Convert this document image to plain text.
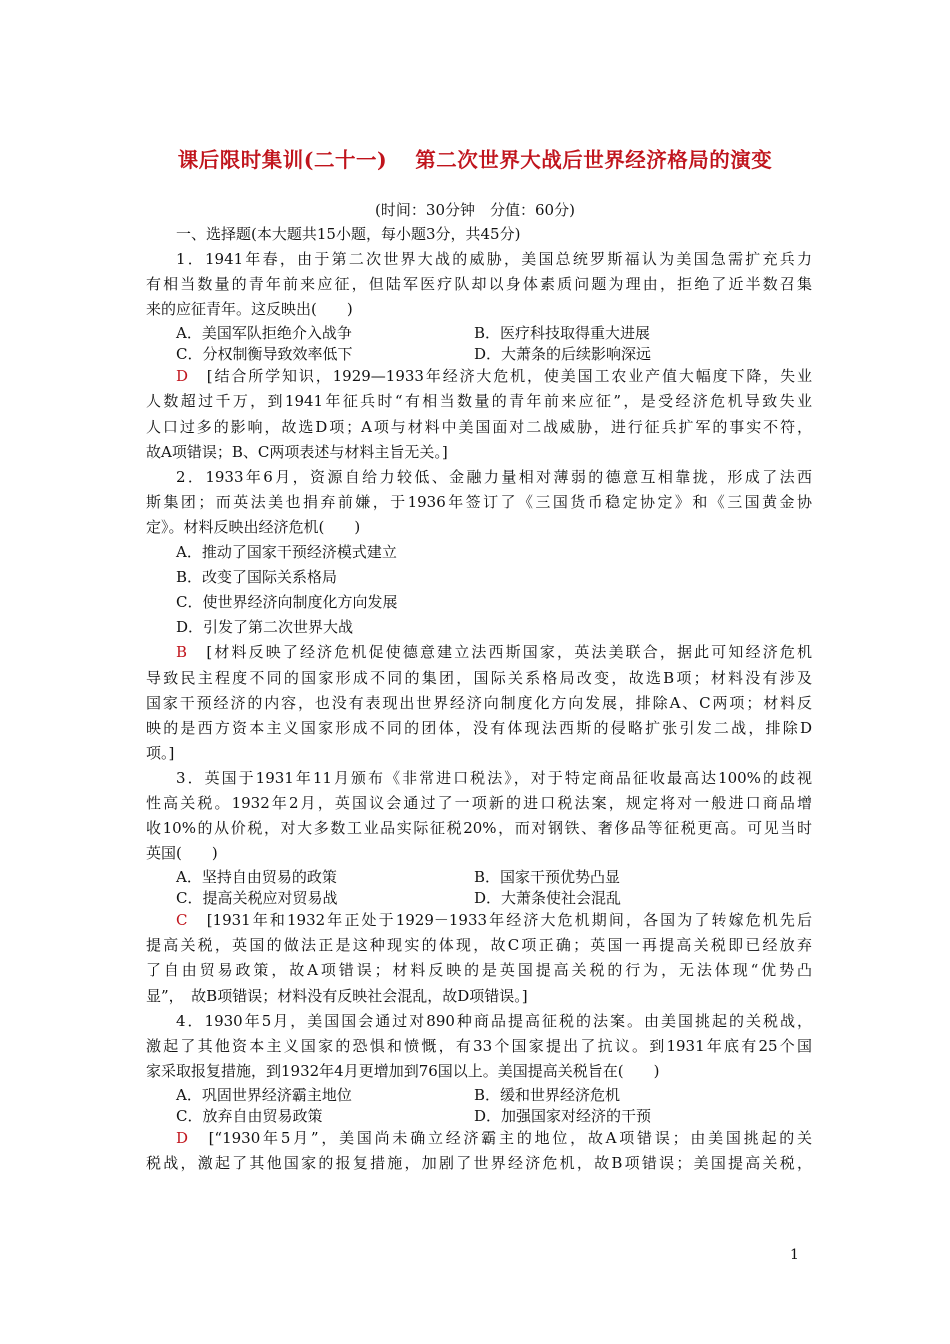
课后限时集训(二十一) 第二次世界大战后世界经济格局的演变
(时间：30分钟　分值：60分)
一、选择题(本大题共15小题，每小题3分，共45分)
1．1941年春，由于第二次世界大战的威胁，美国总统罗斯福认为美国急需扩充兵力
有相当数量的青年前来应征，但陆军医疗队却以身体素质问题为理由，拒绝了近半数召集
来的应征青年。这反映出(　　)
A．美国军队拒绝介入战争	B．医疗科技取得重大进展
C．分权制衡导致效率低下	D．大萧条的后续影响深远
D　 [结合所学知识，1929—1933年经济大危机，使美国工农业产值大幅度下降，失业
人数超过千万，到1941年征兵时“有相当数量的青年前来应征”，是受经济危机导致失业
人口过多的影响，故选D项；A项与材料中美国面对二战威胁，进行征兵扩军的事实不符，
故A项错误；B、C两项表述与材料主旨无关。]
2．1933年6月，资源自给力较低、金融力量相对薄弱的德意互相靠拢，形成了法西
斯集团；而英法美也捐弃前嫌，于1936年签订了《三国货币稳定协定》和《三国黄金协
定》。材料反映出经济危机(　　)
A．推动了国家干预经济模式建立
B．改变了国际关系格局
C．使世界经济向制度化方向发展
D．引发了第二次世界大战
B　 [材料反映了经济危机促使德意建立法西斯国家，英法美联合，据此可知经济危机
导致民主程度不同的国家形成不同的集团，国际关系格局改变，故选B项；材料没有涉及
国家干预经济的内容，也没有表现出世界经济向制度化方向发展，排除A、C两项；材料反
映的是西方资本主义国家形成不同的团体，没有体现法西斯的侵略扩张引发二战，排除D
项。]
3．英国于1931年11月颁布《非常进口税法》，对于特定商品征收最高达100%的歧视
性高关税。1932年2月，英国议会通过了一项新的进口税法案，规定将对一般进口商品增
收10%的从价税，对大多数工业品实际征税20%，而对钢铁、奢侈品等征税更高。可见当时
英国(　　)
A．坚持自由贸易的政策	B．国家干预优势凸显
C．提高关税应对贸易战	D．大萧条使社会混乱
C　 [1931年和1932年正处于1929－1933年经济大危机期间，各国为了转嫁危机先后
提高关税，英国的做法正是这种现实的体现，故C项正确；英国一再提高关税即已经放弃
了自由贸易政策，故A项错误；材料反映的是英国提高关税的行为，无法体现“优势凸
显”，　故B项错误；材料没有反映社会混乱，故D项错误。]
4．1930年5月，美国国会通过对890种商品提高征税的法案。由美国挑起的关税战，
激起了其他资本主义国家的恐惧和愤慨，有33个国家提出了抗议。到1931年底有25个国
家采取报复措施，到1932年4月更增加到76国以上。美国提高关税旨在(　　)
A．巩固世界经济霸主地位	B．缓和世界经济危机
C．放弃自由贸易政策	D．加强国家对经济的干预
D　 [“1930年5月”，美国尚未确立经济霸主的地位，故A项错误；由美国挑起的关
税战，激起了其他国家的报复措施，加剧了世界经济危机，故B项错误；美国提高关税，
1
